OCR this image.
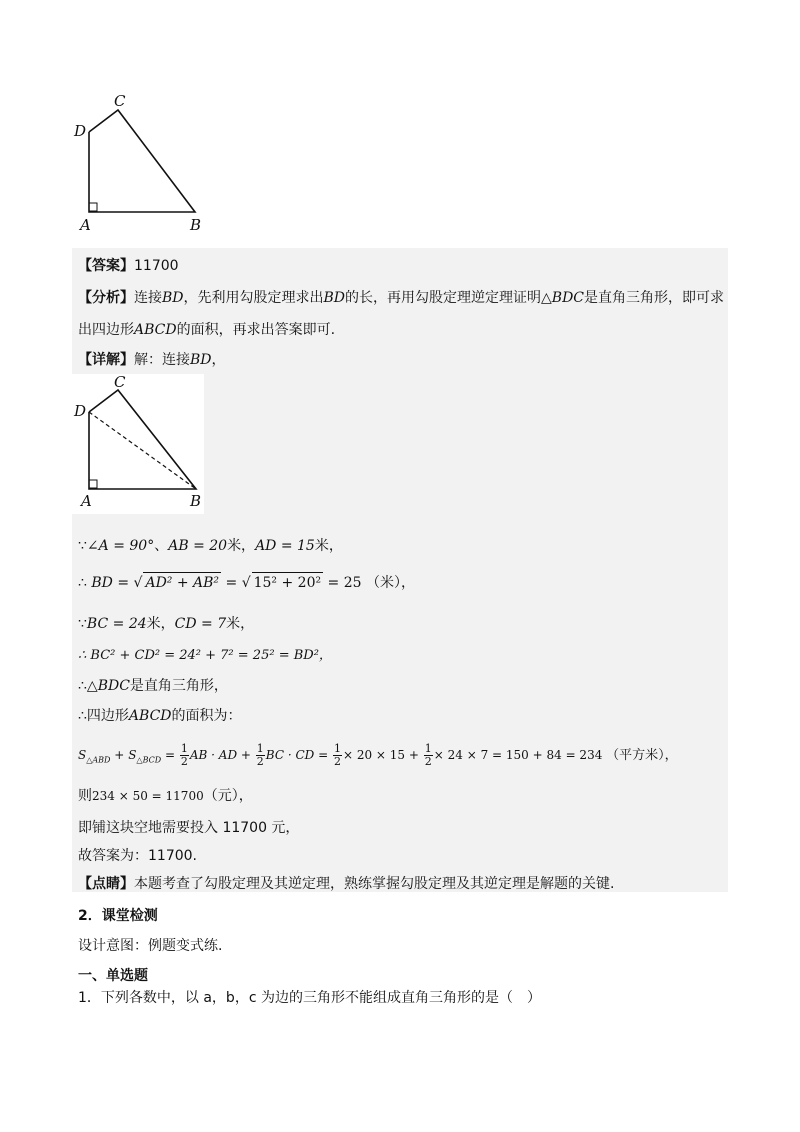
C
D
A	B
【答案】11700
【分析】连接BD，先利用勾股定理求出BD的长，再用勾股定理逆定理证明△BDC是直角三角形，即可求
出四边形ABCD的面积，再求出答案即可.
【详解】解：连接BD，
C
D
A	B
∵∠A = 90°、AB = 20米，AD = 15米，
∴ BD = √ AD² + AB² = √ 15² + 20² = 25 （米），
∵BC = 24米，CD = 7米，
∴ BC² + CD² = 24² + 7² = 25² = BD²，
∴△BDC是直角三角形，
∴四边形ABCD的面积为：
$S_{\triangle ABD} + S_{\triangle BCD} = \frac{1}{2}$ AB · AD + $\frac{1}{2}$ BC · CD = $\frac{1}{2} \times 20 \times 15 + \frac{1}{2} \times 24 \times 7 = 150 + 84 = 234$ （平方米），
则234 × 50 = 11700（元），
即铺这块空地需要投入 11700 元，
故答案为：11700.
【点睛】本题考查了勾股定理及其逆定理，熟练掌握勾股定理及其逆定理是解题的关键.
2．课堂检测
设计意图：例题变式练.
一、单选题
1．下列各数中，以 a，b，c 为边的三角形不能组成直角三角形的是（　）
